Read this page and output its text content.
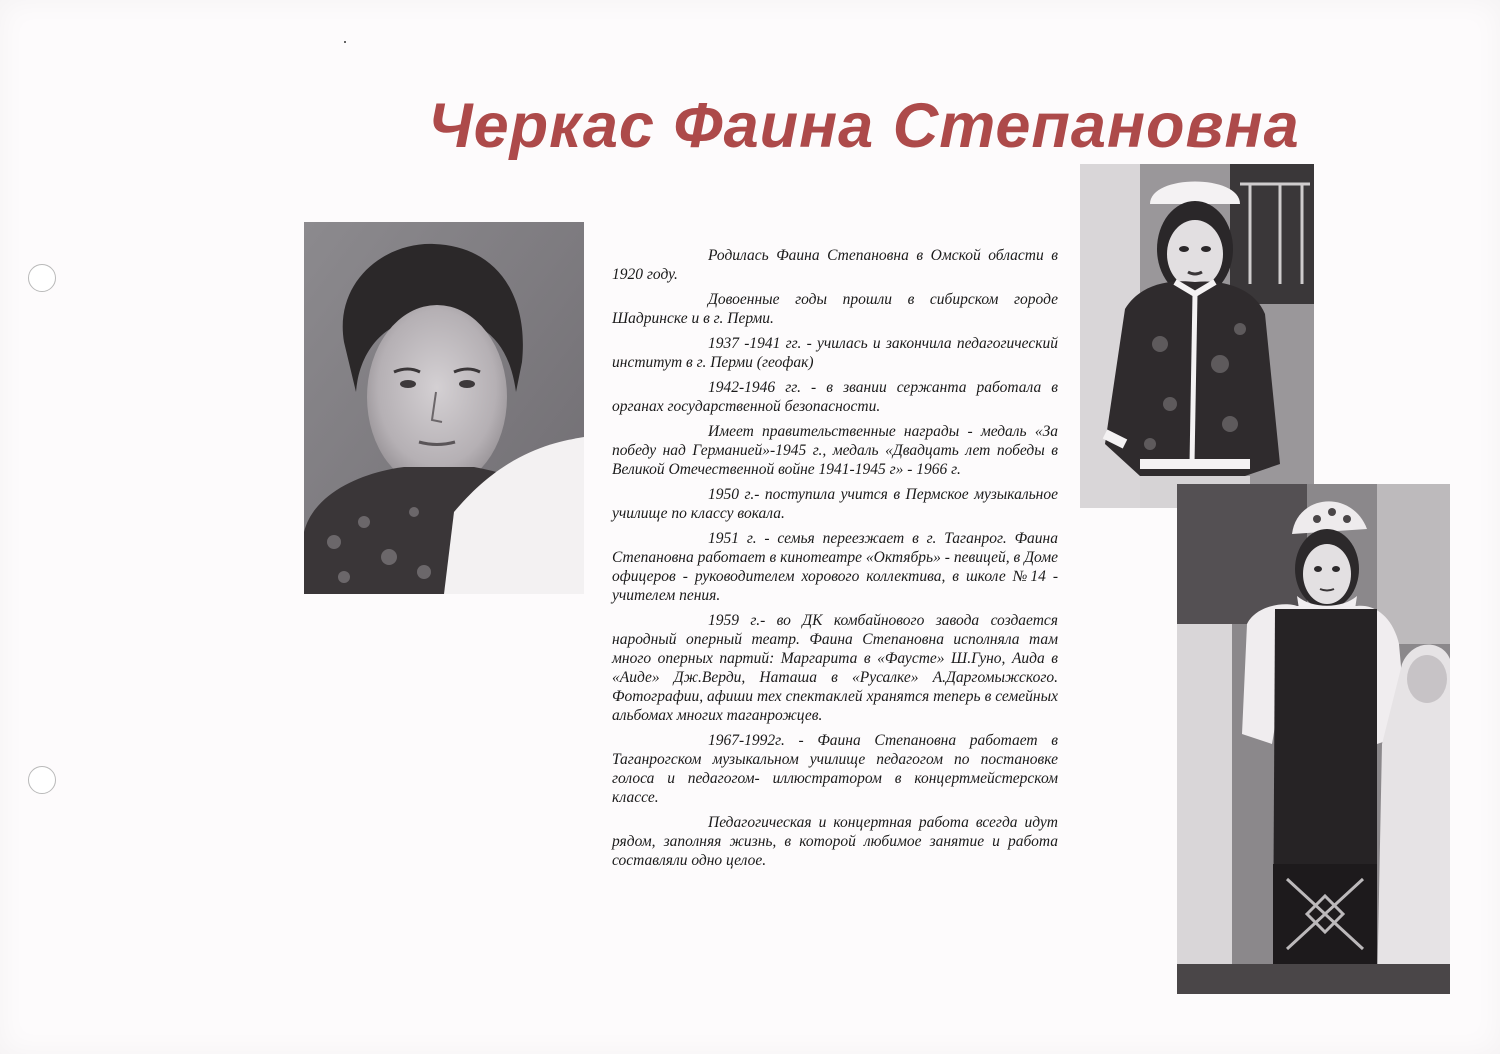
Черкас Фаина Степановна

Родилась Фаина Степановна в Омской области в 1920 году.

Довоенные годы прошли в сибирском городе Шадринске и в г. Перми.

1937 -1941 гг. - училась и закончила педагогический институт в г. Перми (геофак)

1942-1946 гг. - в звании сержанта работала в органах государственной безопасности.

Имеет правительственные награды - медаль «За победу над Германией»-1945 г., медаль «Двадцать лет победы в Великой Отечественной войне 1941-1945 г» - 1966 г.

1950 г.- поступила учится в Пермское музыкальное училище по классу вокала.

1951 г. - семья переезжает в г. Таганрог. Фаина Степановна работает в кинотеатре «Октябрь» - певицей, в Доме офицеров - руководителем хорового коллектива, в школе №14 - учителем пения.

1959 г.- во ДК комбайнового завода создается народный оперный театр. Фаина Степановна исполняла там много оперных партий: Маргарита в «Фаусте» Ш.Гуно, Аида в «Аиде» Дж.Верди, Наташа в «Русалке» А.Даргомыжского. Фотографии, афиши тех спектаклей хранятся теперь в семейных альбомах многих таганрожцев.

1967-1992г. - Фаина Степановна работает в Таганрогском музыкальном училище педагогом по постановке голоса и педагогом- иллюстратором в концертмейстерском классе.

Педагогическая и концертная работа всегда идут рядом, заполняя жизнь, в которой любимое занятие и работа составляли одно целое.
